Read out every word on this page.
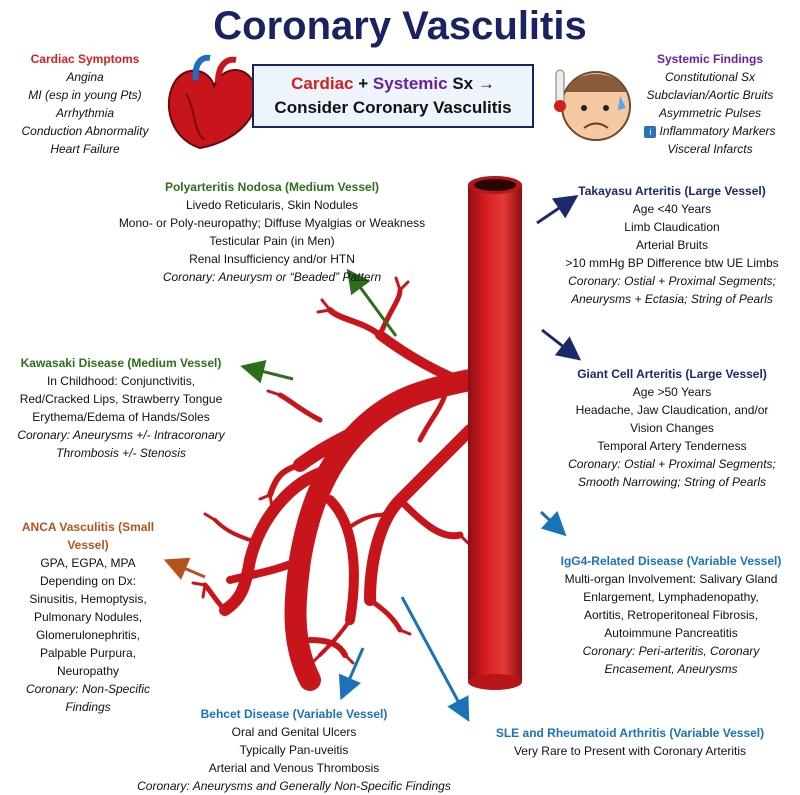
Coronary Vasculitis
Cardiac + Systemic Sx →
Consider Coronary Vasculitis
Cardiac Symptoms
Angina
MI (esp in young Pts)
Arrhythmia
Conduction Abnormality
Heart Failure
Systemic Findings
Constitutional Sx
Subclavian/Aortic Bruits
Asymmetric Pulses
i Inflammatory Markers
Visceral Infarcts
Polyarteritis Nodosa (Medium Vessel)
Livedo Reticularis, Skin Nodules
Mono- or Poly-neuropathy; Diffuse Myalgias or Weakness
Testicular Pain (in Men)
Renal Insufficiency and/or HTN
Coronary: Aneurysm or “Beaded” Pattern
Kawasaki Disease (Medium Vessel)
In Childhood: Conjunctivitis,
Red/Cracked Lips, Strawberry Tongue
Erythema/Edema of Hands/Soles
Coronary: Aneurysms +/- Intracoronary
Thrombosis +/- Stenosis
ANCA Vasculitis (Small
Vessel)
GPA, EGPA, MPA
Depending on Dx:
Sinusitis, Hemoptysis,
Pulmonary Nodules,
Glomerulonephritis,
Palpable Purpura,
Neuropathy
Coronary: Non-Specific
Findings	Behcet Disease (Variable Vessel)
Oral and Genital Ulcers
Typically Pan-uveitis
Arterial and Venous Thrombosis
Coronary: Aneurysms and Generally Non-Specific Findings
Takayasu Arteritis (Large Vessel)
Age <40 Years
Limb Claudication
Arterial Bruits
>10 mmHg BP Difference btw UE Limbs
Coronary: Ostial + Proximal Segments;
Aneurysms + Ectasia; String of Pearls
Giant Cell Arteritis (Large Vessel)
Age >50 Years
Headache, Jaw Claudication, and/or
Vision Changes
Temporal Artery Tenderness
Coronary: Ostial + Proximal Segments;
Smooth Narrowing; String of Pearls
IgG4-Related Disease (Variable Vessel)
Multi-organ Involvement: Salivary Gland
Enlargement, Lymphadenopathy,
Aortitis, Retroperitoneal Fibrosis,
Autoimmune Pancreatitis
Coronary: Peri-arteritis, Coronary
Encasement, Aneurysms
SLE and Rheumatoid Arthritis (Variable Vessel)
Very Rare to Present with Coronary Arteritis
